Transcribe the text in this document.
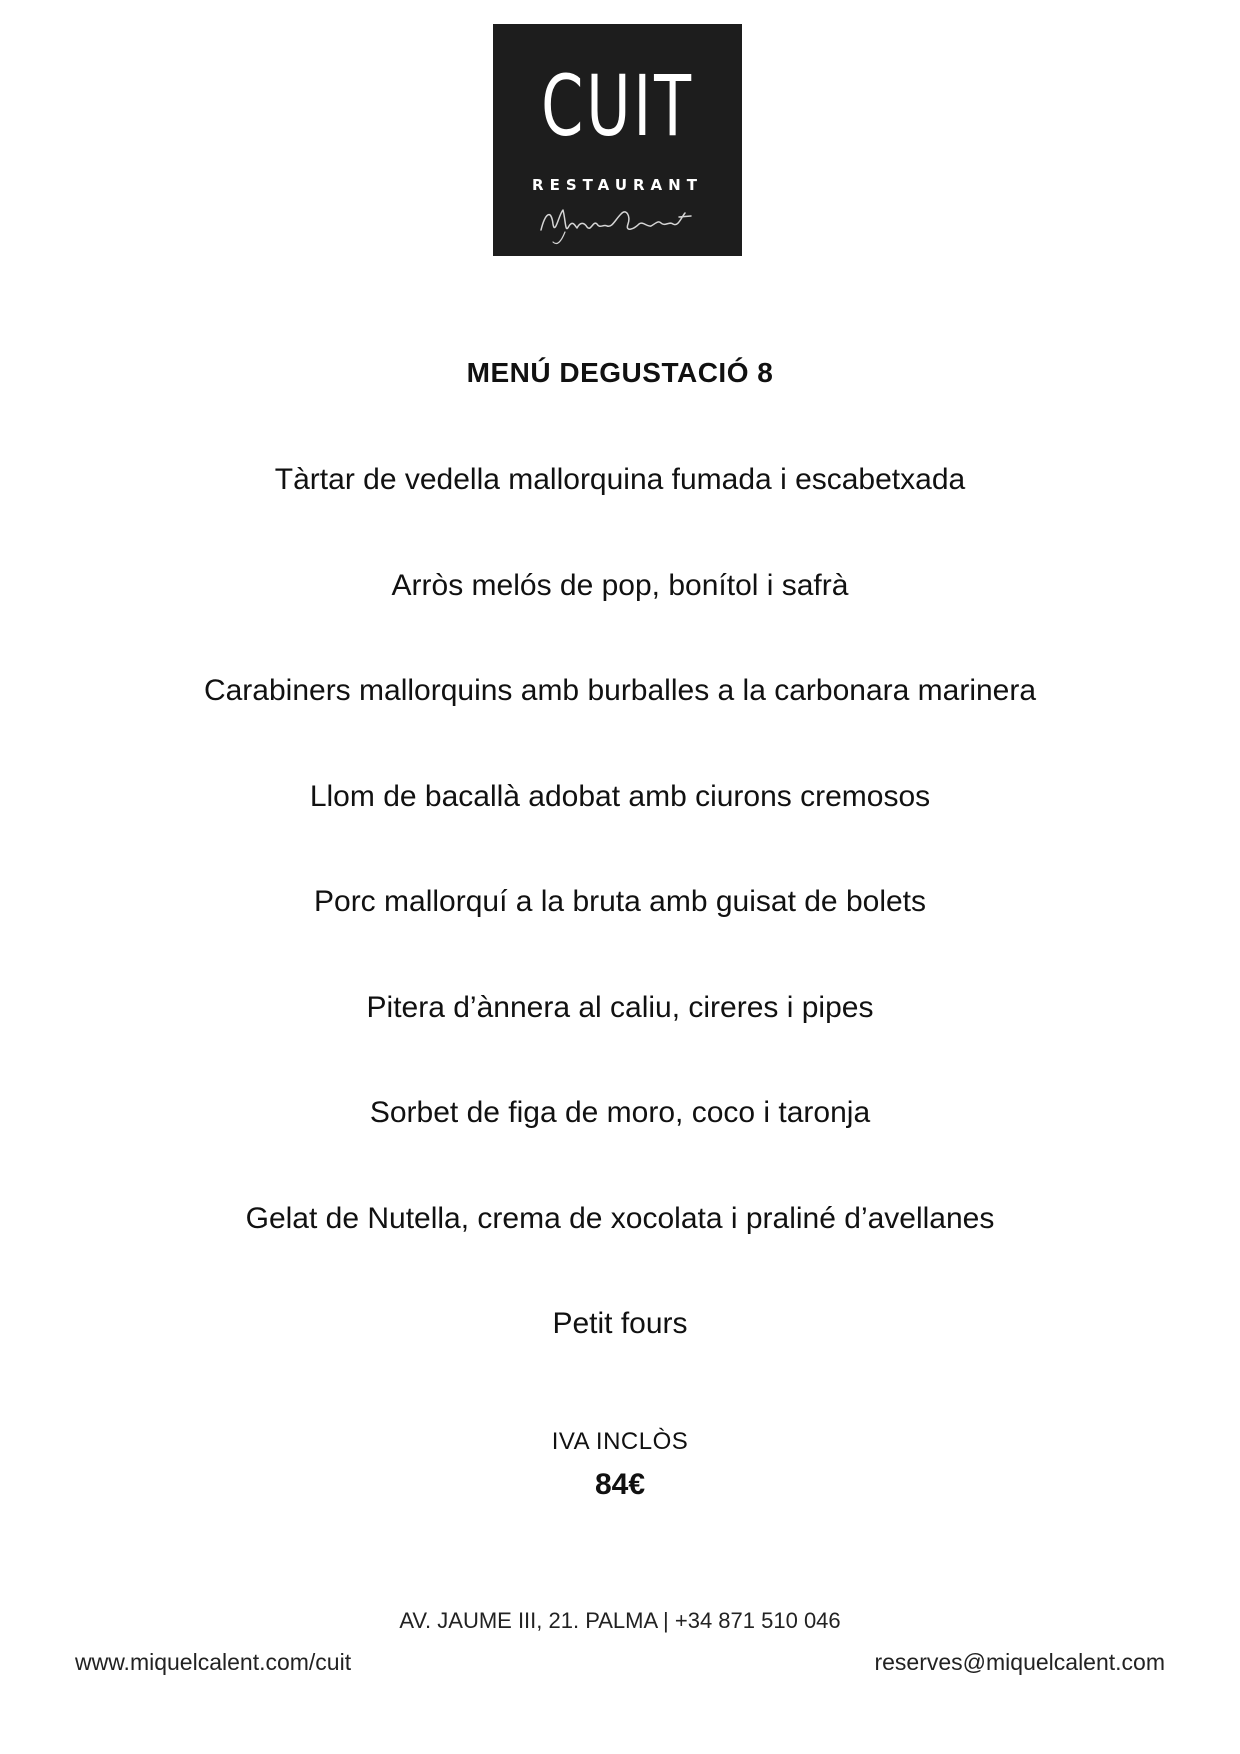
CUIT
RESTAURANT
MENÚ DEGUSTACIÓ 8
Tàrtar de vedella mallorquina fumada i escabetxada
Arròs melós de pop, bonítol i safrà
Carabiners mallorquins amb burballes a la carbonara marinera
Llom de bacallà adobat amb ciurons cremosos
Porc mallorquí a la bruta amb guisat de bolets
Pitera d’ànnera al caliu, cireres i pipes
Sorbet de figa de moro, coco i taronja
Gelat de Nutella, crema de xocolata i praliné d’avellanes
Petit fours
IVA INCLÒS
84€
AV. JAUME III, 21. PALMA | +34 871 510 046
www.miquelcalent.com/cuit	reserves@miquelcalent.com
